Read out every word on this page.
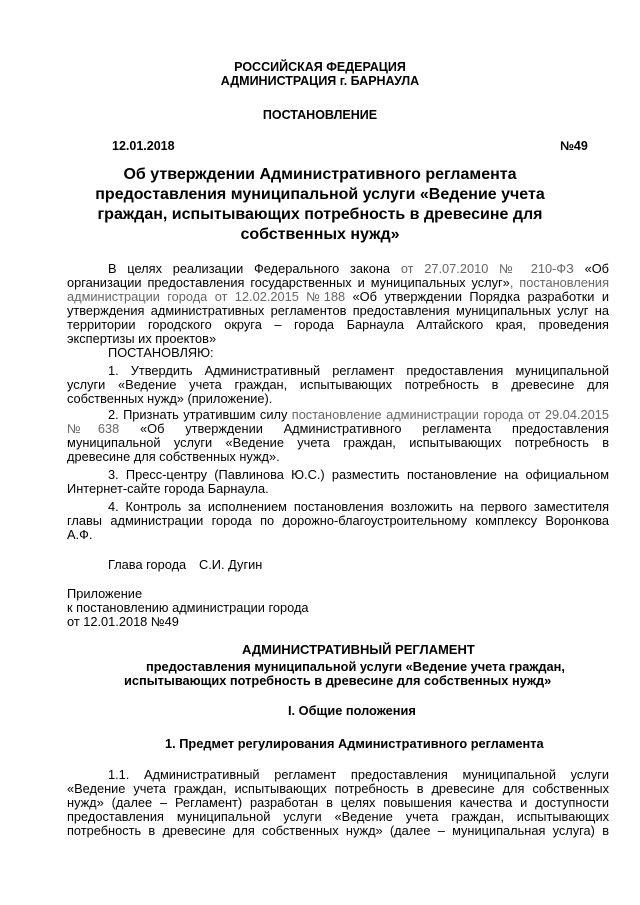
РОССИЙСКАЯ ФЕДЕРАЦИЯ
АДМИНИСТРАЦИЯ г. БАРНАУЛА
ПОСТАНОВЛЕНИЕ
12.01.2018	№49
Об утверждении Административного регламента
предоставления муниципальной услуги «Ведение учета
граждан, испытывающих потребность в древесине для
собственных нужд»
В целях реализации Федерального закона от 27.07.2010 № 210-ФЗ «Об
организации предоставления государственных и муниципальных услуг», постановления
администрации города от 12.02.2015 №188 «Об утверждении Порядка разработки и
утверждения административных регламентов предоставления муниципальных услуг на
территории городского округа – города Барнаула Алтайского края, проведения
экспертизы их проектов»
ПОСТАНОВЛЯЮ:
1. Утвердить Административный регламент предоставления муниципальной
услуги «Ведение учета граждан, испытывающих потребность в древесине для
собственных нужд» (приложение).
2. Признать утратившим силу постановление администрации города от 29.04.2015
№638 «Об утверждении Административного регламента предоставления
муниципальной услуги «Ведение учета граждан, испытывающих потребность в
древесине для собственных нужд».
3. Пресс-центру (Павлинова Ю.С.) разместить постановление на официальном
Интернет-сайте города Барнаула.
4. Контроль за исполнением постановления возложить на первого заместителя
главы администрации города по дорожно-благоустроительному комплексу Воронкова
А.Ф.
Глава города С.И. Дугин
Приложение
к постановлению администрации города
от 12.01.2018 №49
АДМИНИСТРАТИВНЫЙ РЕГЛАМЕНТ
предоставления муниципальной услуги «Ведение учета граждан,
испытывающих потребность в древесине для собственных нужд»
I. Общие положения
1. Предмет регулирования Административного регламента
1.1. Административный регламент предоставления муниципальной услуги
«Ведение учета граждан, испытывающих потребность в древесине для собственных
нужд» (далее – Регламент) разработан в целях повышения качества и доступности
предоставления муниципальной услуги «Ведение учета граждан, испытывающих
потребность в древесине для собственных нужд» (далее – муниципальная услуга) в
